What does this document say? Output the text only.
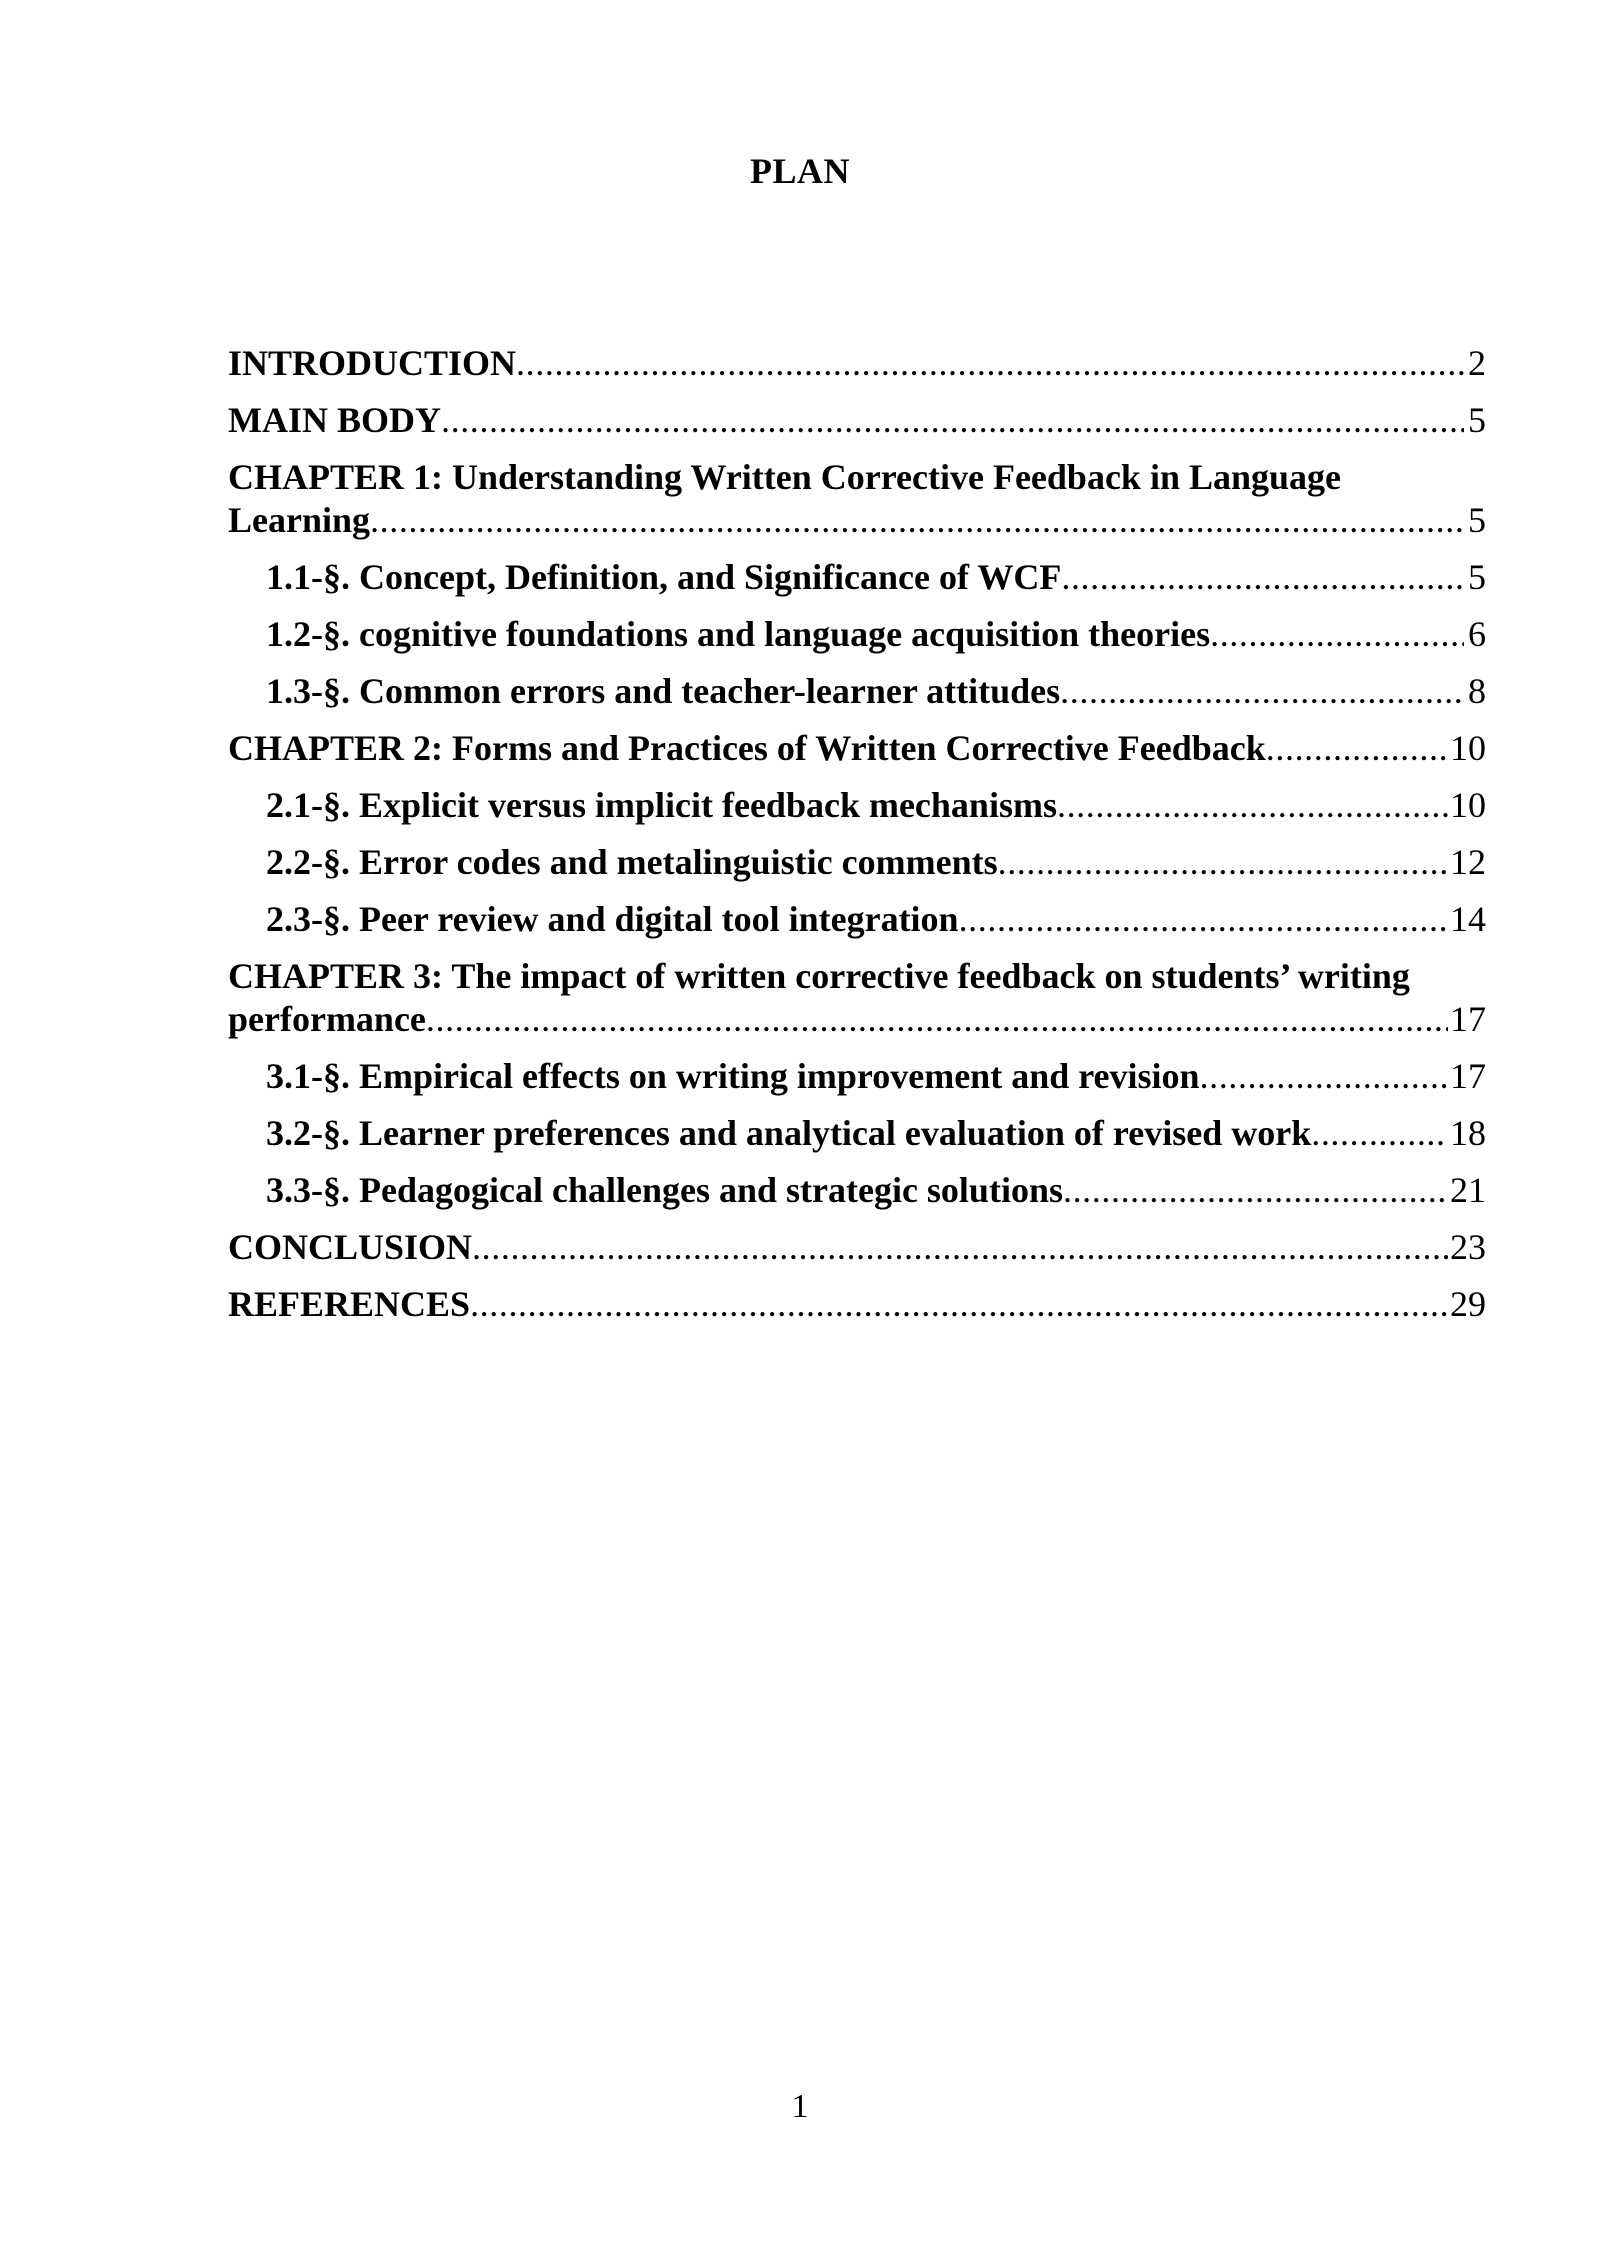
PLAN
INTRODUCTION .....	2
MAIN BODY .....	5
CHAPTER 1: Understanding Written Corrective Feedback in Language
Learning .....	5
1.1-§. Concept, Definition, and Significance of WCF .....	5
1.2-§. cognitive foundations and language acquisition theories .....	6
1.3-§. Common errors and teacher-learner attitudes .....	8
CHAPTER 2: Forms and Practices of Written Corrective Feedback .....	10
2.1-§. Explicit versus implicit feedback mechanisms .....	10
2.2-§. Error codes and metalinguistic comments .....	12
2.3-§. Peer review and digital tool integration .....	14
CHAPTER 3: The impact of written corrective feedback on students’ writing
performance .....	17
3.1-§. Empirical effects on writing improvement and revision .....	17
3.2-§. Learner preferences and analytical evaluation of revised work .....	18
3.3-§. Pedagogical challenges and strategic solutions .....	21
CONCLUSION .....	23
REFERENCES .....	29
1
